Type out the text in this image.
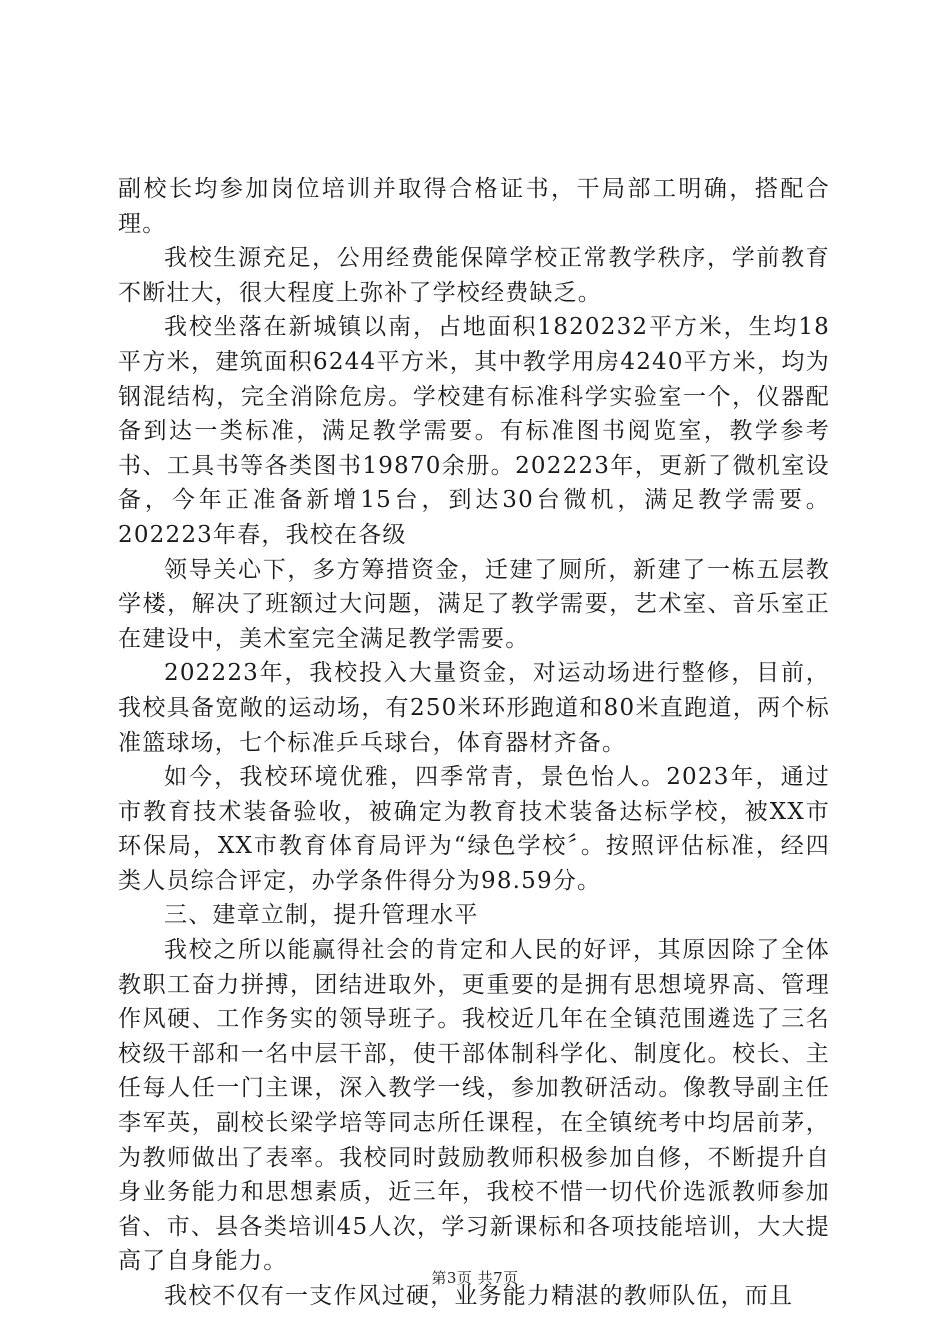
副校长均参加岗位培训并取得合格证书，干局部工明确，搭配合理。

我校生源充足，公用经费能保障学校正常教学秩序，学前教育不断壮大，很大程度上弥补了学校经费缺乏。

我校坐落在新城镇以南，占地面积1820232平方米，生均18平方米，建筑面积6244平方米，其中教学用房4240平方米，均为钢混结构，完全消除危房。学校建有标准科学实验室一个，仪器配备到达一类标准，满足教学需要。有标准图书阅览室，教学参考书、工具书等各类图书19870余册。202223年，更新了微机室设备，今年正准备新增15台，到达30台微机，满足教学需要。202223年春，我校在各级

领导关心下，多方筹措资金，迁建了厕所，新建了一栋五层教学楼，解决了班额过大问题，满足了教学需要，艺术室、音乐室正在建设中，美术室完全满足教学需要。

202223年，我校投入大量资金，对运动场进行整修，目前，我校具备宽敞的运动场，有250米环形跑道和80米直跑道，两个标准篮球场，七个标准乒乓球台，体育器材齐备。

如今，我校环境优雅，四季常青，景色怡人。2023年，通过市教育技术装备验收，被确定为教育技术装备达标学校，被XX市环保局，XX市教育体育局评为“绿色学校〞。按照评估标准，经四类人员综合评定，办学条件得分为98.59分。

三、建章立制，提升管理水平

我校之所以能赢得社会的肯定和人民的好评，其原因除了全体教职工奋力拼搏，团结进取外，更重要的是拥有思想境界高、管理作风硬、工作务实的领导班子。我校近几年在全镇范围遴选了三名校级干部和一名中层干部，使干部体制科学化、制度化。校长、主任每人任一门主课，深入教学一线，参加教研活动。像教导副主任李军英，副校长梁学培等同志所任课程，在全镇统考中均居前茅，为教师做出了表率。我校同时鼓励教师积极参加自修，不断提升自身业务能力和思想素质，近三年，我校不惜一切代价选派教师参加省、市、县各类培训45人次，学习新课标和各项技能培训，大大提高了自身能力。

我校不仅有一支作风过硬，业务能力精湛的教师队伍，而且

第3页 共7页
